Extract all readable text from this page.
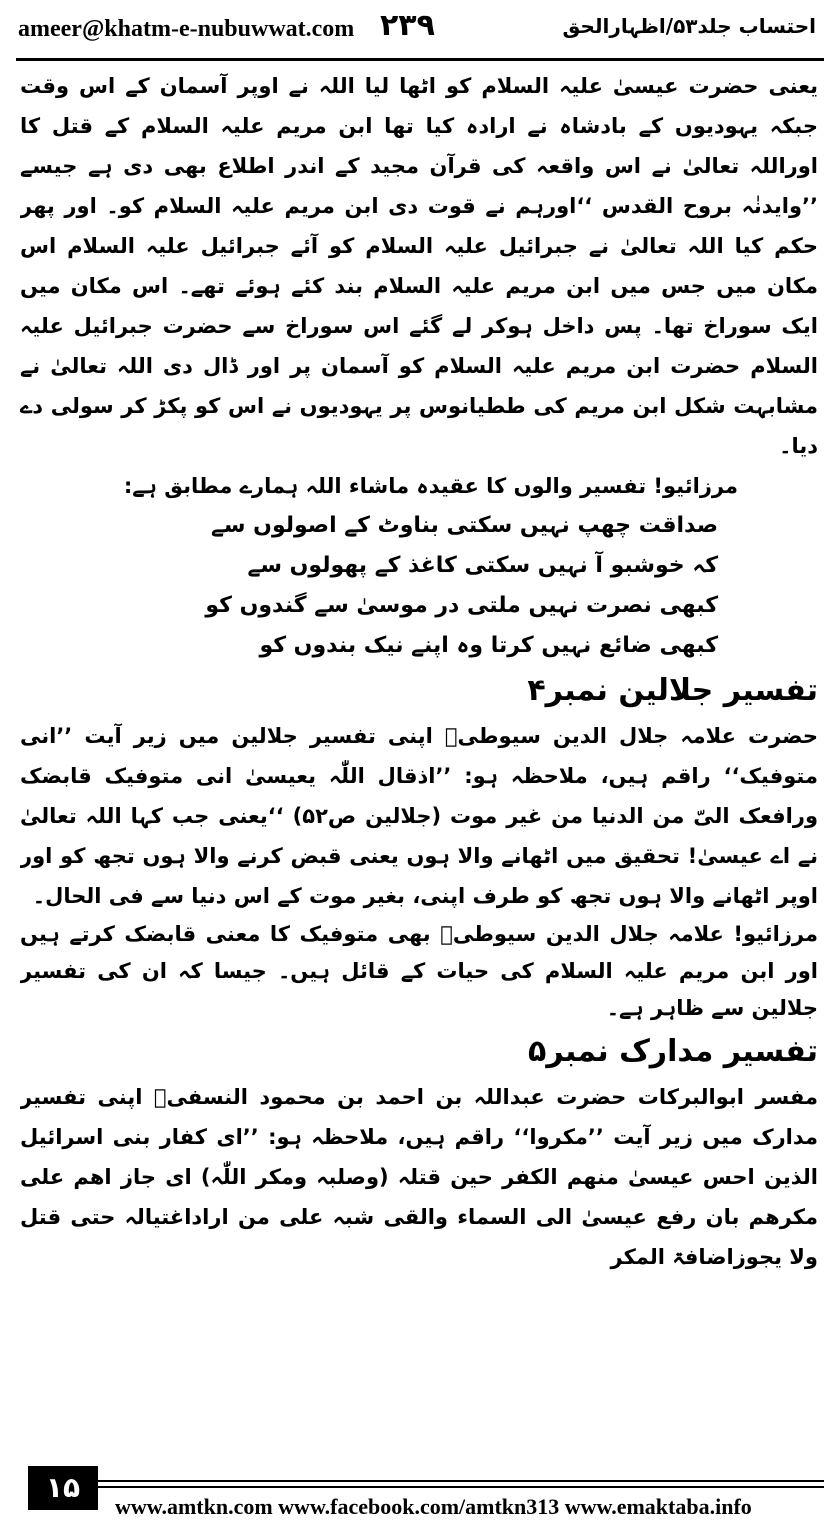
ameer@khatm-e-nubuwwat.com ۲۳۹	احتساب جلد۵۳/اظہارالحق

یعنی حضرت عیسیٰ علیہ السلام کو اٹھا لیا اللہ نے اوپر آسمان کے اس وقت جبکہ یہودیوں کے بادشاہ نے ارادہ کیا تھا ابن مریم علیہ السلام کے قتل کا اوراللہ تعالیٰ نے اس واقعہ کی قرآن مجید کے اندر اطلاع بھی دی ہے جیسے ’’وایدنٰہ بروح القدس ‘‘اورہم نے قوت دی ابن مریم علیہ السلام کو۔ اور پھر حکم کیا اللہ تعالیٰ نے جبرائیل علیہ السلام کو آئے جبرائیل علیہ السلام اس مکان میں جس میں ابن مریم علیہ السلام بند کئے ہوئے تھے۔ اس مکان میں ایک سوراخ تھا۔ پس داخل ہوکر لے گئے اس سوراخ سے حضرت جبرائیل علیہ السلام حضرت ابن مریم علیہ السلام کو آسمان پر اور ڈال دی اللہ تعالیٰ نے مشابہت شکل ابن مریم کی ططیانوس پر یہودیوں نے اس کو پکڑ کر سولی دے دیا۔

مرزائیو! تفسیر والوں کا عقیدہ ماشاء اللہ ہمارے مطابق ہے:

صداقت چھپ نہیں سکتی بناوٹ کے اصولوں سے

کہ خوشبو آ نہیں سکتی کاغذ کے پھولوں سے

کبھی نصرت نہیں ملتی در موسیٰ سے گندوں کو

کبھی ضائع نہیں کرتا وہ اپنے نیک بندوں کو

تفسیر جلالین نمبر۴

حضرت علامہ جلال الدین سیوطیؒ اپنی تفسیر جلالین میں زیر آیت ’’انی متوفیک‘‘ راقم ہیں، ملاحظہ ہو: ’’اذقال اللّٰہ یعیسیٰ انی متوفیک قابضک ورافعک الیّ من الدنیا من غیر موت (جلالین ص۵۲) ‘‘یعنی جب کہا اللہ تعالیٰ نے اے عیسیٰ! تحقیق میں اٹھانے والا ہوں یعنی قبض کرنے والا ہوں تجھ کو اور اوپر اٹھانے والا ہوں تجھ کو طرف اپنی، بغیر موت کے اس دنیا سے فی الحال۔

مرزائیو! علامہ جلال الدین سیوطیؒ بھی متوفیک کا معنی قابضک کرتے ہیں اور ابن مریم علیہ السلام کی حیات کے قائل ہیں۔ جیسا کہ ان کی تفسیر جلالین سے ظاہر ہے۔

تفسیر مدارک نمبر۵

مفسر ابوالبرکات حضرت عبداللہ بن احمد بن محمود النسفیؒ اپنی تفسیر مدارک میں زیر آیت ’’مکروا‘‘ راقم ہیں، ملاحظہ ہو: ’’ای کفار بنی اسرائیل الذین احس عیسیٰ منھم الکفر حین قتلہ (وصلبہ ومکر اللّٰہ) ای جاز اھم علی مکرھم بان رفع عیسیٰ الی السماء والقی شبہ علی من اراداغتیالہ حتی قتل ولا یجوزاضافۃ المکر

۱۵
www.amtkn.com www.facebook.com/amtkn313 www.emaktaba.info
